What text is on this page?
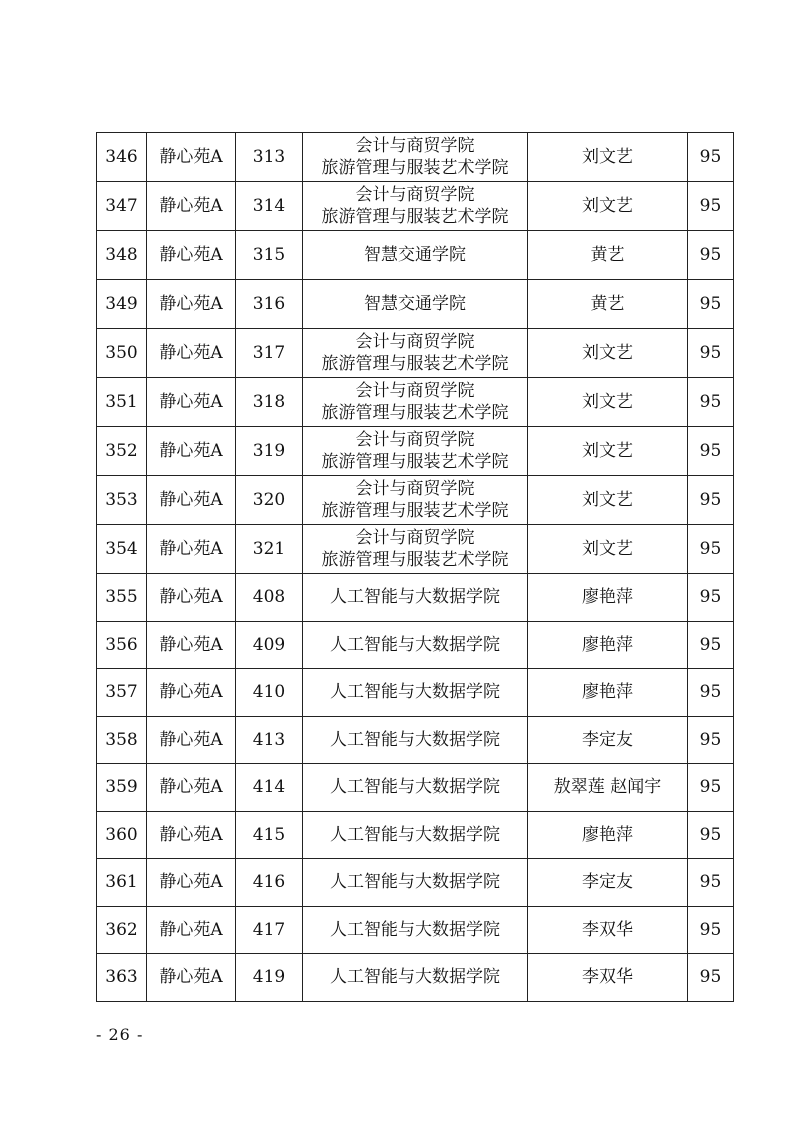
346	静心苑A	313	会计与商贸学院
旅游管理与服装艺术学院	刘文艺	95
347	静心苑A	314	会计与商贸学院
旅游管理与服装艺术学院	刘文艺	95
348	静心苑A	315	智慧交通学院	黄艺	95
349	静心苑A	316	智慧交通学院	黄艺	95
350	静心苑A	317	会计与商贸学院
旅游管理与服装艺术学院	刘文艺	95
351	静心苑A	318	会计与商贸学院
旅游管理与服装艺术学院	刘文艺	95
352	静心苑A	319	会计与商贸学院
旅游管理与服装艺术学院	刘文艺	95
353	静心苑A	320	会计与商贸学院
旅游管理与服装艺术学院	刘文艺	95
354	静心苑A	321	会计与商贸学院
旅游管理与服装艺术学院	刘文艺	95
355	静心苑A	408	人工智能与大数据学院	廖艳萍	95
356	静心苑A	409	人工智能与大数据学院	廖艳萍	95
357	静心苑A	410	人工智能与大数据学院	廖艳萍	95
358	静心苑A	413	人工智能与大数据学院	李定友	95
359	静心苑A	414	人工智能与大数据学院	敖翠莲 赵闻宇	95
360	静心苑A	415	人工智能与大数据学院	廖艳萍	95
361	静心苑A	416	人工智能与大数据学院	李定友	95
362	静心苑A	417	人工智能与大数据学院	李双华	95
363	静心苑A	419	人工智能与大数据学院	李双华	95
- 26 -
